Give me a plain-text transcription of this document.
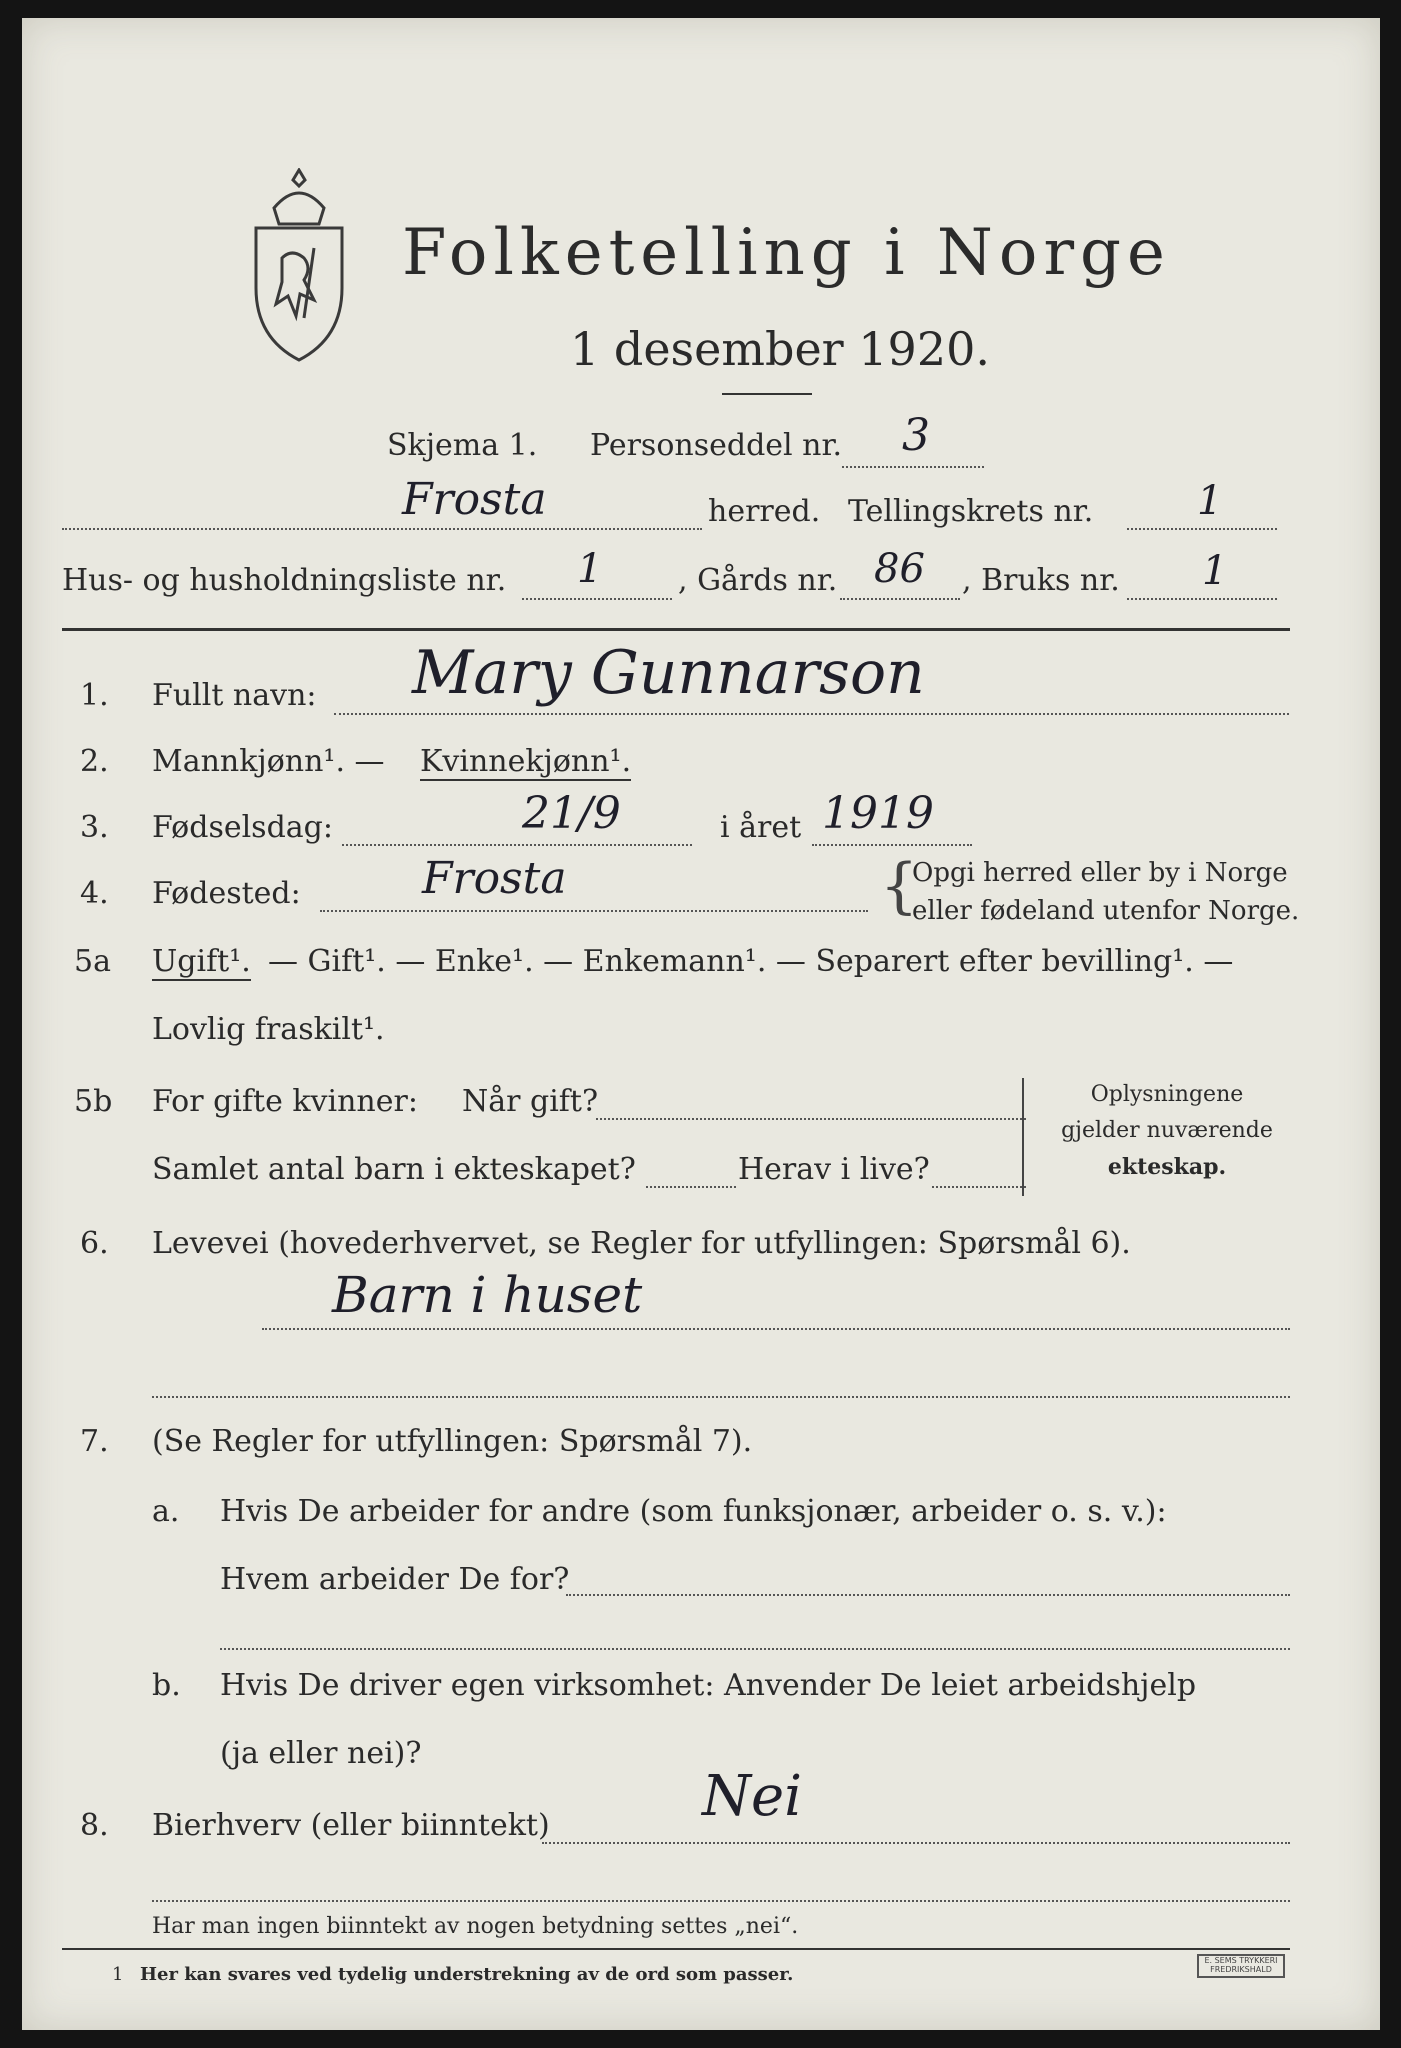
Folketelling i Norge
1 desember 1920.
Skjema 1. Personseddel nr. 3
Frosta	herred. Tellingskrets nr.	1
Hus- og husholdningsliste nr. 1	, Gårds nr. 86 , Bruks nr. 1
1. Fullt navn: Mary Gunnarson
2. Mannkjønn¹. — Kvinnekjønn¹.
3. Fødselsdag:	21/9	i året 1919
4. Fødested:	Frosta	{
Opgi herred eller by i Norge
eller fødeland utenfor Norge.
5a Ugift¹. — Gift¹. — Enke¹. — Enkemann¹. — Separert efter bevilling¹. —
Lovlig fraskilt¹.
5b For gifte kvinner: Når gift?
Samlet antal barn i ekteskapet?	Herav i live?
Oplysningene
gjelder nuværende
ekteskap.
6. Levevei (hovederhvervet, se Regler for utfyllingen: Spørsmål 6).
Barn i huset
7. (Se Regler for utfyllingen: Spørsmål 7).
a. Hvis De arbeider for andre (som funksjonær, arbeider o. s. v.):
Hvem arbeider De for?
b. Hvis De driver egen virksomhet: Anvender De leiet arbeidshjelp
(ja eller nei)?
8. Bierhverv (eller biinntekt)	Nei
Har man ingen biinntekt av nogen betydning settes „nei“.
1 Her kan svares ved tydelig understrekning av de ord som passer.
E. SEMS TRYKKERI FREDRIKSHALD
